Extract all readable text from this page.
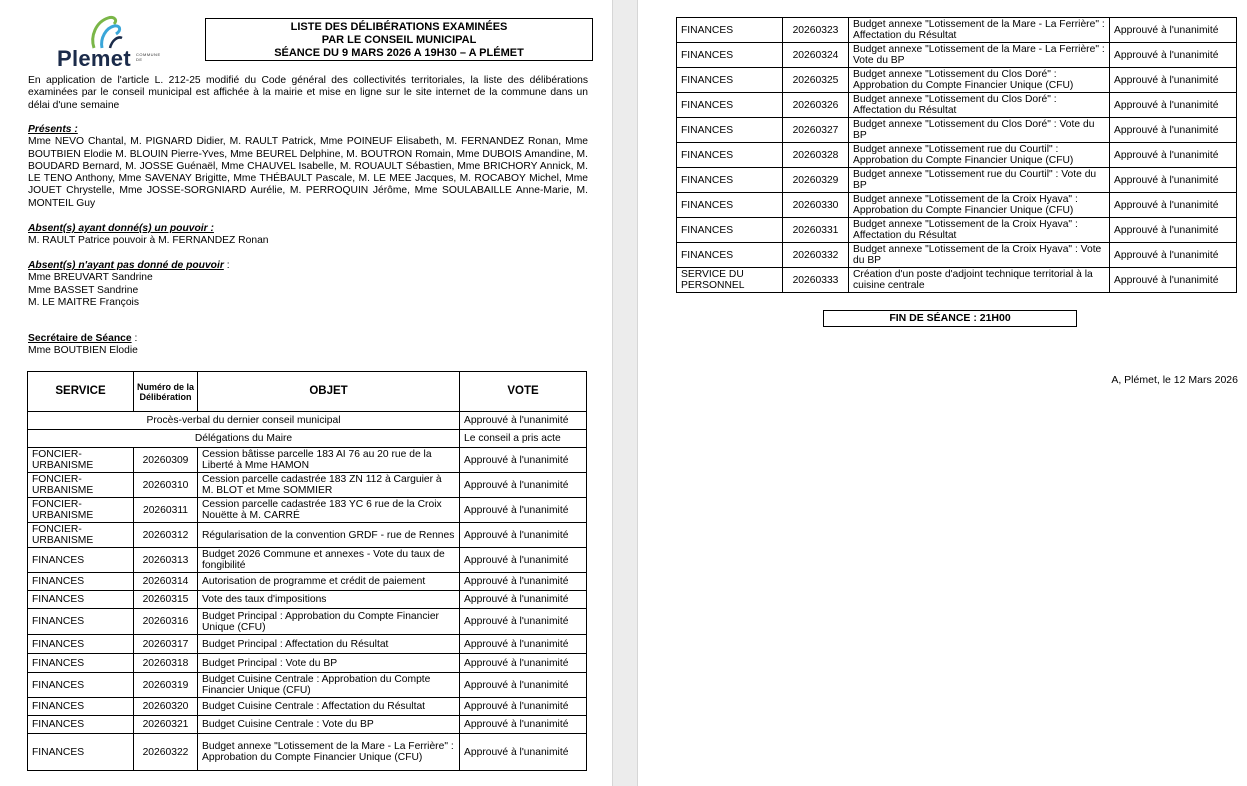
COMMUNE DE
Plemet
LISTE DES DÉLIBÉRATIONS EXAMINÉES
PAR LE CONSEIL MUNICIPAL
SÉANCE DU 9 MARS 2026 A 19H30 – A PLÉMET
En application de l'article L. 212-25 modifié du Code général des collectivités territoriales, la liste des délibérations examinées par le conseil municipal est affichée à la mairie et mise en ligne sur le site internet de la commune dans un délai d'une semaine
Présents :
Mme NEVO Chantal, M. PIGNARD Didier, M. RAULT Patrick, Mme POINEUF Elisabeth, M. FERNANDEZ Ronan, Mme BOUTBIEN Elodie M. BLOUIN Pierre-Yves, Mme BEUREL Delphine, M. BOUTRON Romain, Mme DUBOIS Amandine, M. BOUDARD Bernard, M. JOSSE Guénaël, Mme CHAUVEL Isabelle, M. ROUAULT Sébastien, Mme BRICHORY Annick, M. LE TENO Anthony, Mme SAVENAY Brigitte, Mme THÉBAULT Pascale, M. LE MEE Jacques, M. ROCABOY Michel, Mme JOUET Chrystelle, Mme JOSSE-SORGNIARD Aurélie, M. PERROQUIN Jérôme, Mme SOULABAILLE Anne-Marie, M. MONTEIL Guy
Absent(s) ayant donné(s) un pouvoir :
M. RAULT Patrice pouvoir à M. FERNANDEZ Ronan
Absent(s) n'ayant pas donné de pouvoir :
Mme BREUVART Sandrine
Mme BASSET Sandrine
M. LE MAITRE François
Secrétaire de Séance :
Mme BOUTBIEN Elodie
SERVICE	Numéro de la Délibération	OBJET	VOTE
Procès-verbal du dernier conseil municipal			Approuvé à l'unanimité
Délégations du Maire			Le conseil a pris acte
FONCIER-URBANISME	20260309	Cession bâtisse parcelle 183 AI 76 au 20 rue de la Liberté à Mme HAMON	Approuvé à l'unanimité
FONCIER-URBANISME	20260310	Cession parcelle cadastrée 183 ZN 112 à Carguier à M. BLOT et Mme SOMMIER	Approuvé à l'unanimité
FONCIER-URBANISME	20260311	Cession parcelle cadastrée 183 YC 6 rue de la Croix Nouëtte à M. CARRÉ	Approuvé à l'unanimité
FONCIER-URBANISME	20260312	Régularisation de la convention GRDF - rue de Rennes	Approuvé à l'unanimité
FINANCES	20260313	Budget 2026 Commune et annexes - Vote du taux de fongibilité	Approuvé à l'unanimité
FINANCES	20260314	Autorisation de programme et crédit de paiement	Approuvé à l'unanimité
FINANCES	20260315	Vote des taux d'impositions	Approuvé à l'unanimité
FINANCES	20260316	Budget Principal : Approbation du Compte Financier Unique (CFU)	Approuvé à l'unanimité
FINANCES	20260317	Budget Principal : Affectation du Résultat	Approuvé à l'unanimité
FINANCES	20260318	Budget Principal : Vote du BP	Approuvé à l'unanimité
FINANCES	20260319	Budget Cuisine Centrale : Approbation du Compte Financier Unique (CFU)	Approuvé à l'unanimité
FINANCES	20260320	Budget Cuisine Centrale : Affectation du Résultat	Approuvé à l'unanimité
FINANCES	20260321	Budget Cuisine Centrale : Vote du BP	Approuvé à l'unanimité
FINANCES	20260322	Budget annexe "Lotissement de la Mare - La Ferrière" : Approbation du Compte Financier Unique (CFU)	Approuvé à l'unanimité
FINANCES	20260323	Budget annexe "Lotissement de la Mare - La Ferrière" : Affectation du Résultat	Approuvé à l'unanimité
FINANCES	20260324	Budget annexe "Lotissement de la Mare - La Ferrière" : Vote du BP	Approuvé à l'unanimité
FINANCES	20260325	Budget annexe "Lotissement du Clos Doré" : Approbation du Compte Financier Unique (CFU)	Approuvé à l'unanimité
FINANCES	20260326	Budget annexe "Lotissement du Clos Doré" : Affectation du Résultat	Approuvé à l'unanimité
FINANCES	20260327	Budget annexe "Lotissement du Clos Doré" : Vote du BP	Approuvé à l'unanimité
FINANCES	20260328	Budget annexe "Lotissement rue du Courtil" : Approbation du Compte Financier Unique (CFU)	Approuvé à l'unanimité
FINANCES	20260329	Budget annexe "Lotissement rue du Courtil" : Vote du BP	Approuvé à l'unanimité
FINANCES	20260330	Budget annexe "Lotissement de la Croix Hyava" : Approbation du Compte Financier Unique (CFU)	Approuvé à l'unanimité
FINANCES	20260331	Budget annexe "Lotissement de la Croix Hyava" : Affectation du Résultat	Approuvé à l'unanimité
FINANCES	20260332	Budget annexe "Lotissement de la Croix Hyava" : Vote du BP	Approuvé à l'unanimité
SERVICE DU PERSONNEL	20260333	Création d'un poste d'adjoint technique territorial à la cuisine centrale	Approuvé à l'unanimité
FIN DE SÉANCE : 21H00
A, Plémet, le 12 Mars 2026
